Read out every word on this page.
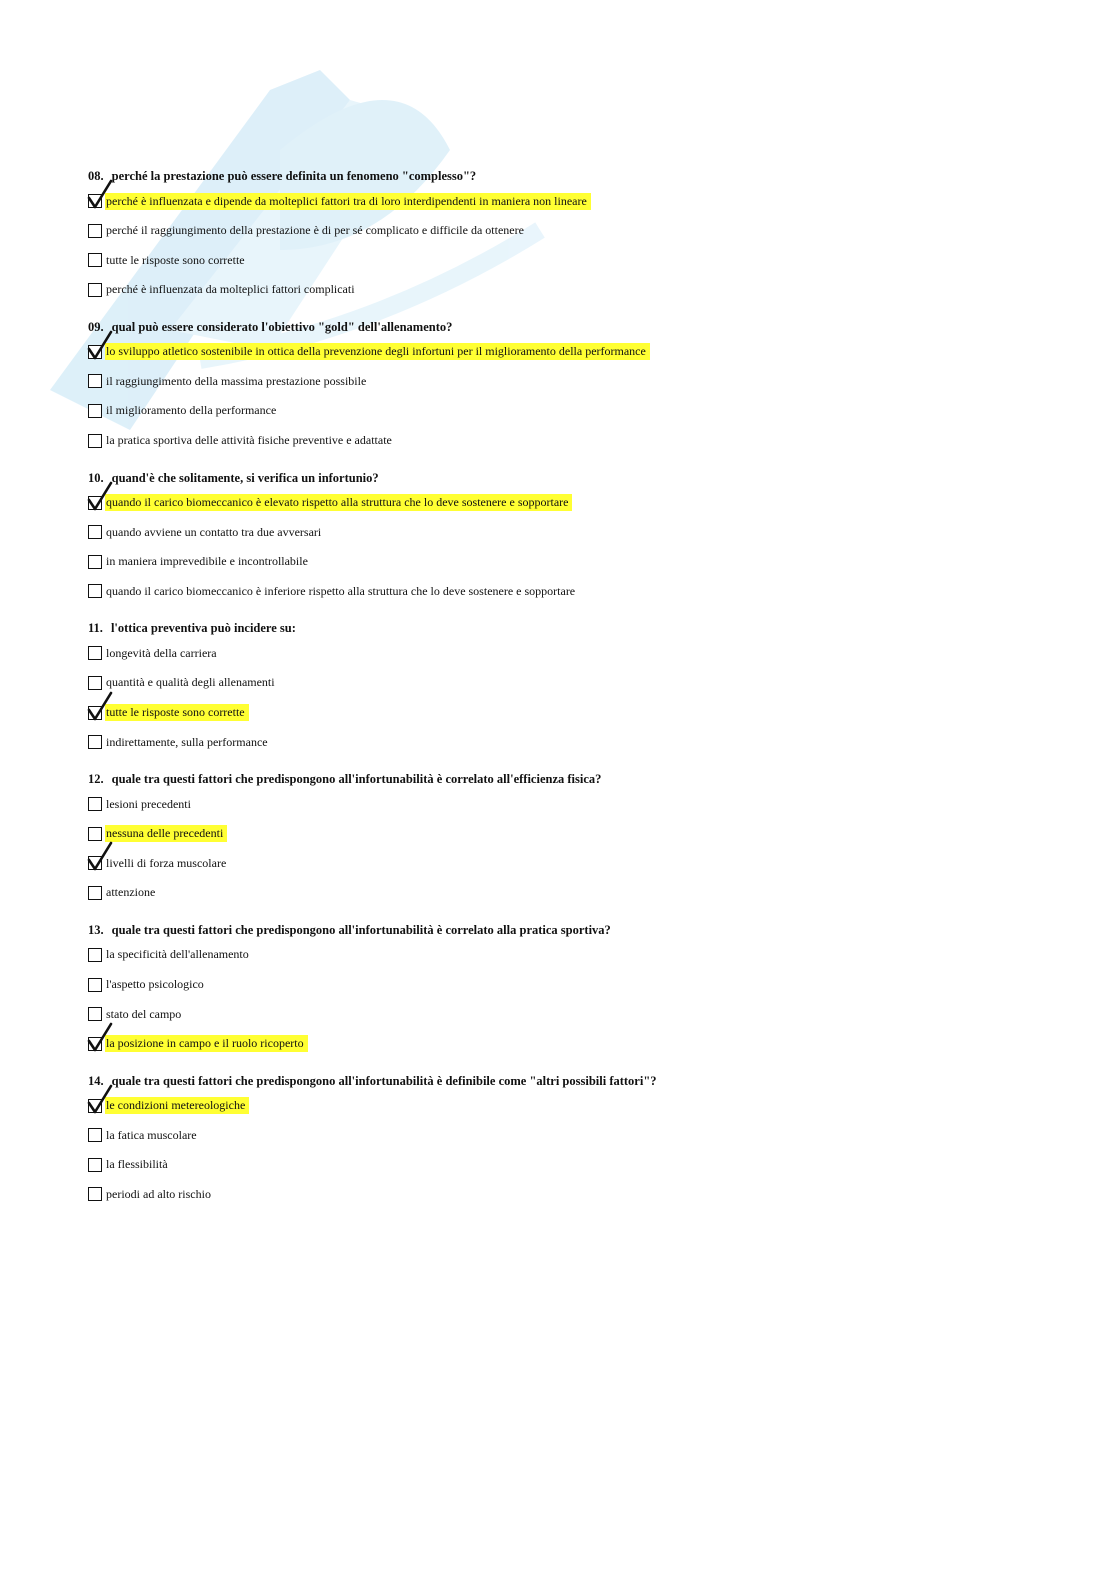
08. perché la prestazione può essere definita un fenomeno "complesso"?
perché è influenzata e dipende da molteplici fattori tra di loro interdipendenti in maniera non lineare
perché il raggiungimento della prestazione è di per sé complicato e difficile da ottenere
tutte le risposte sono corrette
perché è influenzata da molteplici fattori complicati
09. qual può essere considerato l'obiettivo "gold" dell'allenamento?
lo sviluppo atletico sostenibile in ottica della prevenzione degli infortuni per il miglioramento della performance
il raggiungimento della massima prestazione possibile
il miglioramento della performance
la pratica sportiva delle attività fisiche preventive e adattate
10. quand'è che solitamente, si verifica un infortunio?
quando il carico biomeccanico è elevato rispetto alla struttura che lo deve sostenere e sopportare
quando avviene un contatto tra due avversari
in maniera imprevedibile e incontrollabile
quando il carico biomeccanico è inferiore rispetto alla struttura che lo deve sostenere e sopportare
11. l'ottica preventiva può incidere su:
longevità della carriera
quantità e qualità degli allenamenti
tutte le risposte sono corrette
indirettamente, sulla performance
12. quale tra questi fattori che predispongono all'infortunabilità è correlato all'efficienza fisica?
lesioni precedenti
nessuna delle precedenti
livelli di forza muscolare
attenzione
13. quale tra questi fattori che predispongono all'infortunabilità è correlato alla pratica sportiva?
la specificità dell'allenamento
l'aspetto psicologico
stato del campo
la posizione in campo e il ruolo ricoperto
14. quale tra questi fattori che predispongono all'infortunabilità è definibile come "altri possibili fattori"?
le condizioni metereologiche
la fatica muscolare
la flessibilità
periodi ad alto rischio
